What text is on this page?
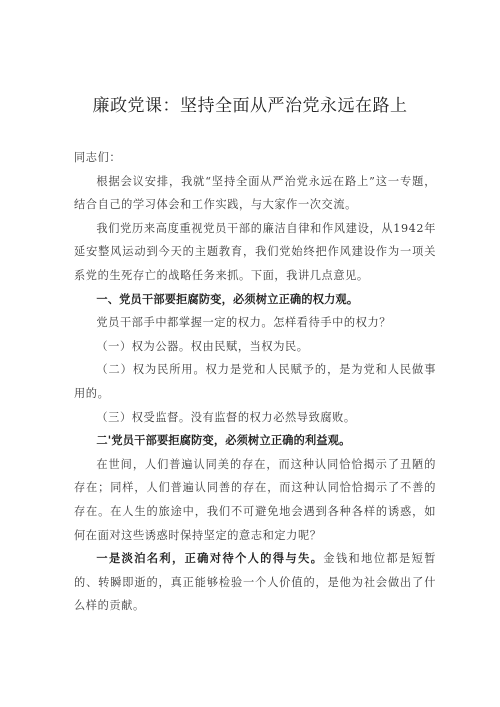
廉政党课：坚持全面从严治党永远在路上

同志们：

根据会议安排，我就“坚持全面从严治党永远在路上”这一专题，结合自己的学习体会和工作实践，与大家作一次交流。

我们党历来高度重视党员干部的廉洁自律和作风建设，从1942年延安整风运动到今天的主题教育，我们党始终把作风建设作为一项关系党的生死存亡的战略任务来抓。下面，我讲几点意见。

一、党员干部要拒腐防变，必须树立正确的权力观。

党员干部手中都掌握一定的权力。怎样看待手中的权力？

（一）权为公器。权由民赋，当权为民。

（二）权为民所用。权力是党和人民赋予的，是为党和人民做事用的。

（三）权受监督。没有监督的权力必然导致腐败。

二'党员干部要拒腐防变，必须树立正确的利益观。

在世间，人们普遍认同美的存在，而这种认同恰恰揭示了丑陋的存在；同样，人们普遍认同善的存在，而这种认同恰恰揭示了不善的存在。在人生的旅途中，我们不可避免地会遇到各种各样的诱惑，如何在面对这些诱惑时保持坚定的意志和定力呢？

一是淡泊名利，正确对待个人的得与失。金钱和地位都是短暂的、转瞬即逝的，真正能够检验一个人价值的，是他为社会做出了什么样的贡献。
